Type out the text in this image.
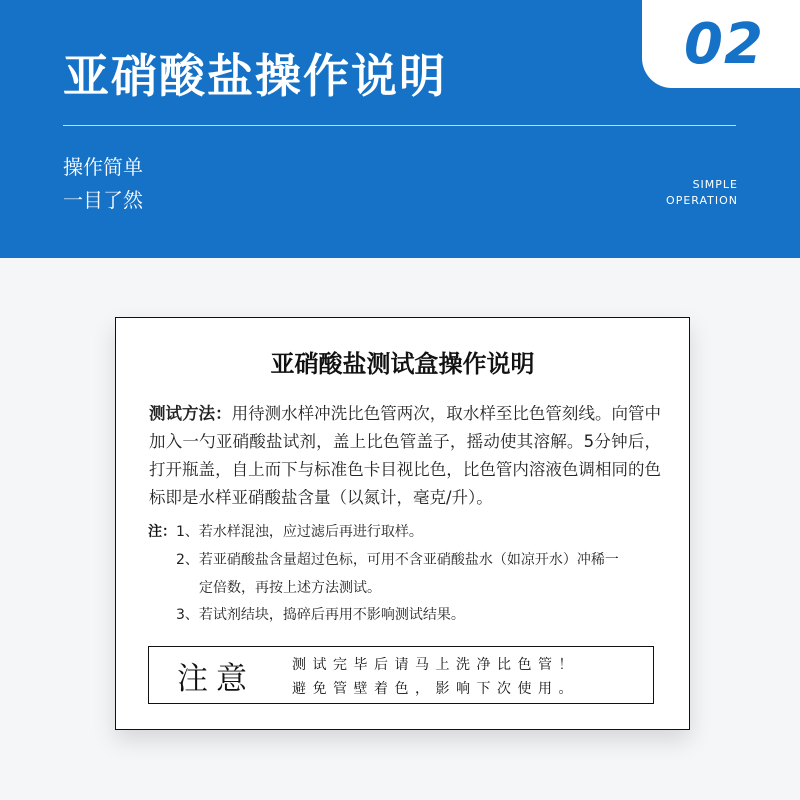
02
亚硝酸盐操作说明
操作简单
一目了然
SIMPLE
OPERATION
亚硝酸盐测试盒操作说明
测试方法：用待测水样冲洗比色管两次，取水样至比色管刻线。向管中加入一勺亚硝酸盐试剂，盖上比色管盖子，摇动使其溶解。5分钟后，打开瓶盖，自上而下与标准色卡目视比色，比色管内溶液色调相同的色标即是水样亚硝酸盐含量（以氮计，毫克/升）。
注： 1、若水样混浊，应过滤后再进行取样。
2、若亚硝酸盐含量超过色标，可用不含亚硝酸盐水（如凉开水）冲稀一
定倍数，再按上述方法测试。
3、若试剂结块，捣碎后再用不影响测试结果。
注意	测试完毕后请马上洗净比色管！
避免管壁着色，影响下次使用。
